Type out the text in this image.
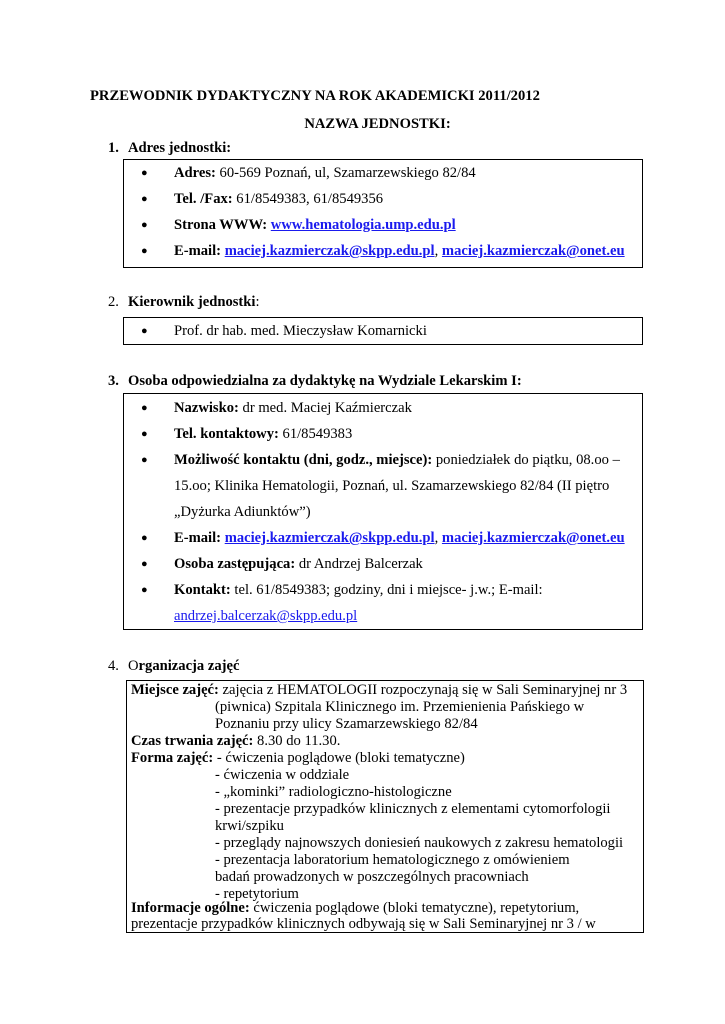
PRZEWODNIK DYDAKTYCZNY NA ROK AKADEMICKI 2011/2012
NAZWA JEDNOSTKI:
1. Adres jednostki:
● Adres: 60-569 Poznań, ul, Szamarzewskiego 82/84
● Tel. /Fax: 61/8549383, 61/8549356
● Strona WWW: www.hematologia.ump.edu.pl
● E-mail: maciej.kazmierczak@skpp.edu.pl, maciej.kazmierczak@onet.eu
2. Kierownik jednostki:
● Prof. dr hab. med. Mieczysław Komarnicki
3. Osoba odpowiedzialna za dydaktykę na Wydziale Lekarskim I:
● Nazwisko: dr med. Maciej Kaźmierczak
● Tel. kontaktowy: 61/8549383
● Możliwość kontaktu (dni, godz., miejsce): poniedziałek do piątku, 08.oo –
15.oo; Klinika Hematologii, Poznań, ul. Szamarzewskiego 82/84 (II piętro
„Dyżurka Adiunktów”)
● E-mail: maciej.kazmierczak@skpp.edu.pl, maciej.kazmierczak@onet.eu
● Osoba zastępująca: dr Andrzej Balcerzak
● Kontakt: tel. 61/8549383; godziny, dni i miejsce- j.w.; E-mail:
andrzej.balcerzak@skpp.edu.pl
4. Organizacja zajęć
Miejsce zajęć: zajęcia z HEMATOLOGII rozpoczynają się w Sali Seminaryjnej nr 3
(piwnica) Szpitala Klinicznego im. Przemienienia Pańskiego w
Poznaniu przy ulicy Szamarzewskiego 82/84
Czas trwania zajęć: 8.30 do 11.30.
Forma zajęć: - ćwiczenia poglądowe (bloki tematyczne)
- ćwiczenia w oddziale
- „kominki” radiologiczno-histologiczne
- prezentacje przypadków klinicznych z elementami cytomorfologii
krwi/szpiku
- przeglądy najnowszych doniesień naukowych z zakresu hematologii
- prezentacja laboratorium hematologicznego z omówieniem
badań prowadzonych w poszczególnych pracowniach
- repetytorium
Informacje ogólne: ćwiczenia poglądowe (bloki tematyczne), repetytorium,
prezentacje przypadków klinicznych odbywają się w Sali Seminaryjnej nr 3 / w
